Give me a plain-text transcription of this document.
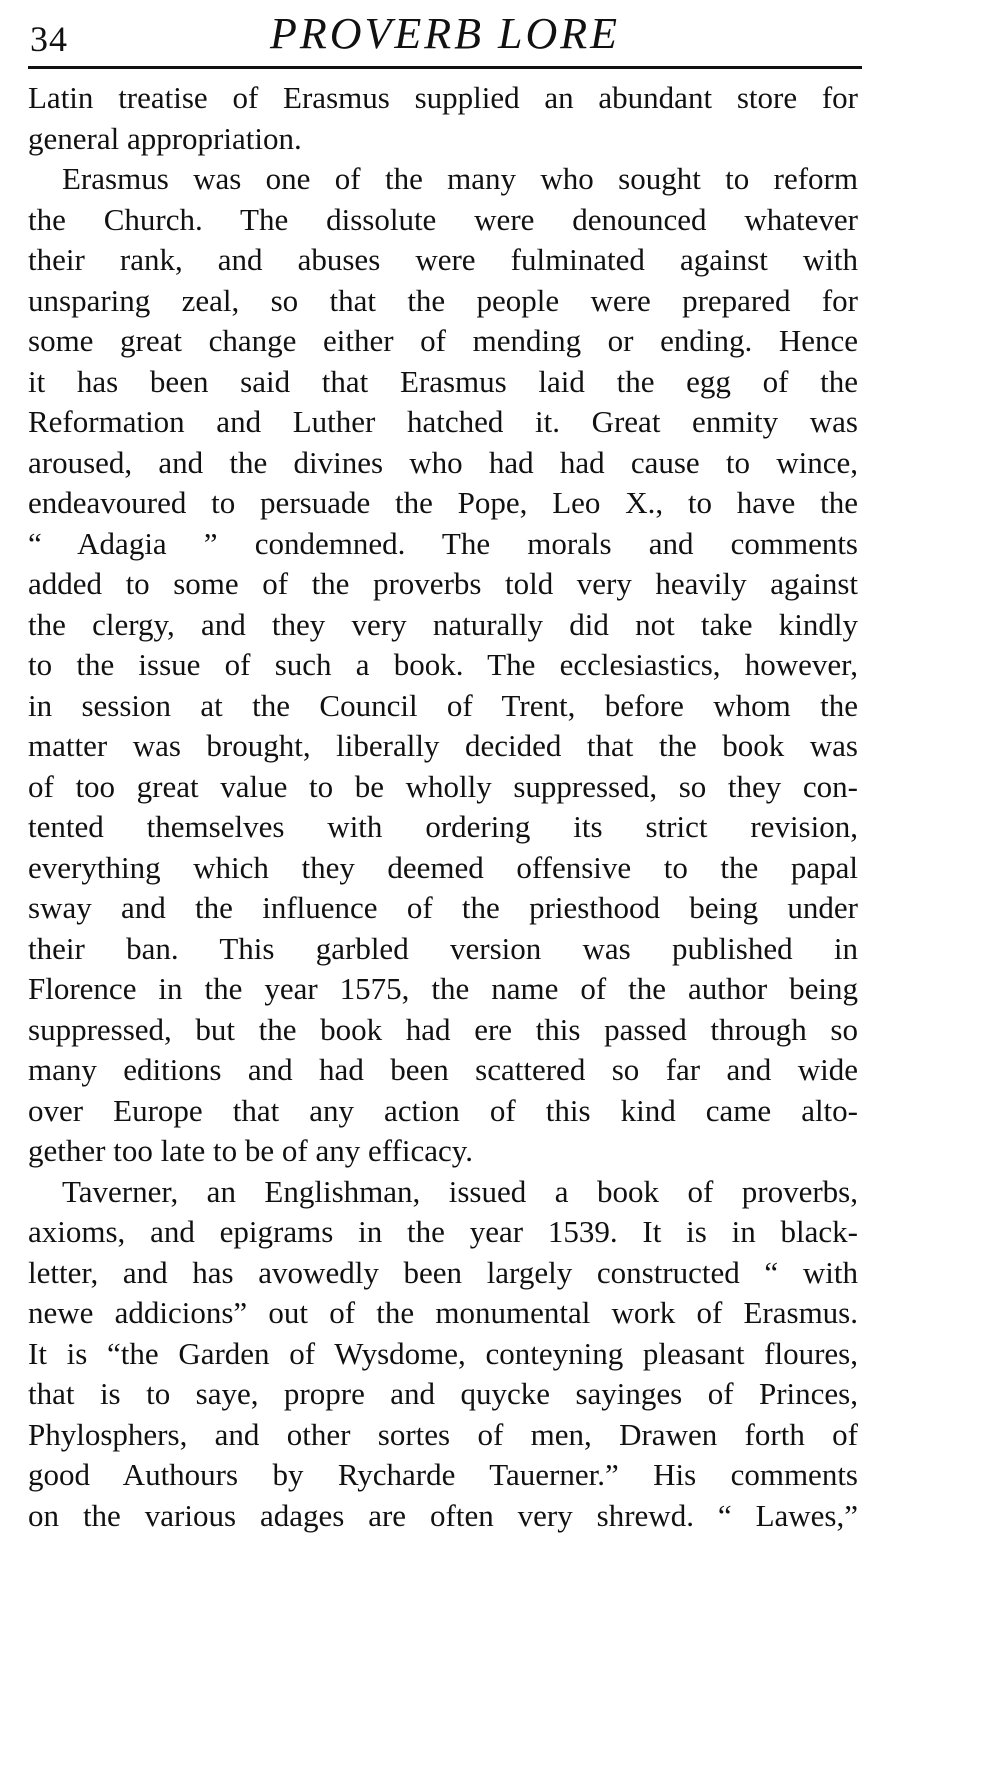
34	PROVERB LORE
Latin treatise of Erasmus supplied an abundant store for
general appropriation.
Erasmus was one of the many who sought to reform
the Church. The dissolute were denounced whatever
their rank, and abuses were fulminated against with
unsparing zeal, so that the people were prepared for
some great change either of mending or ending. Hence
it has been said that Erasmus laid the egg of the
Reformation and Luther hatched it. Great enmity was
aroused, and the divines who had had cause to wince,
endeavoured to persuade the Pope, Leo X., to have the
“ Adagia ” condemned. The morals and comments
added to some of the proverbs told very heavily against
the clergy, and they very naturally did not take kindly
to the issue of such a book. The ecclesiastics, however,
in session at the Council of Trent, before whom the
matter was brought, liberally decided that the book was
of too great value to be wholly suppressed, so they con-
tented themselves with ordering its strict revision,
everything which they deemed offensive to the papal
sway and the influence of the priesthood being under
their ban. This garbled version was published in
Florence in the year 1575, the name of the author being
suppressed, but the book had ere this passed through so
many editions and had been scattered so far and wide
over Europe that any action of this kind came alto-
gether too late to be of any efficacy.
Taverner, an Englishman, issued a book of proverbs,
axioms, and epigrams in the year 1539. It is in black-
letter, and has avowedly been largely constructed “ with
newe addicions” out of the monumental work of Erasmus.
It is “the Garden of Wysdome, conteyning pleasant floures,
that is to saye, propre and quycke sayinges of Princes,
Phylosphers, and other sortes of men, Drawen forth of
good Authours by Rycharde Tauerner.” His comments
on the various adages are often very shrewd. “ Lawes,”
